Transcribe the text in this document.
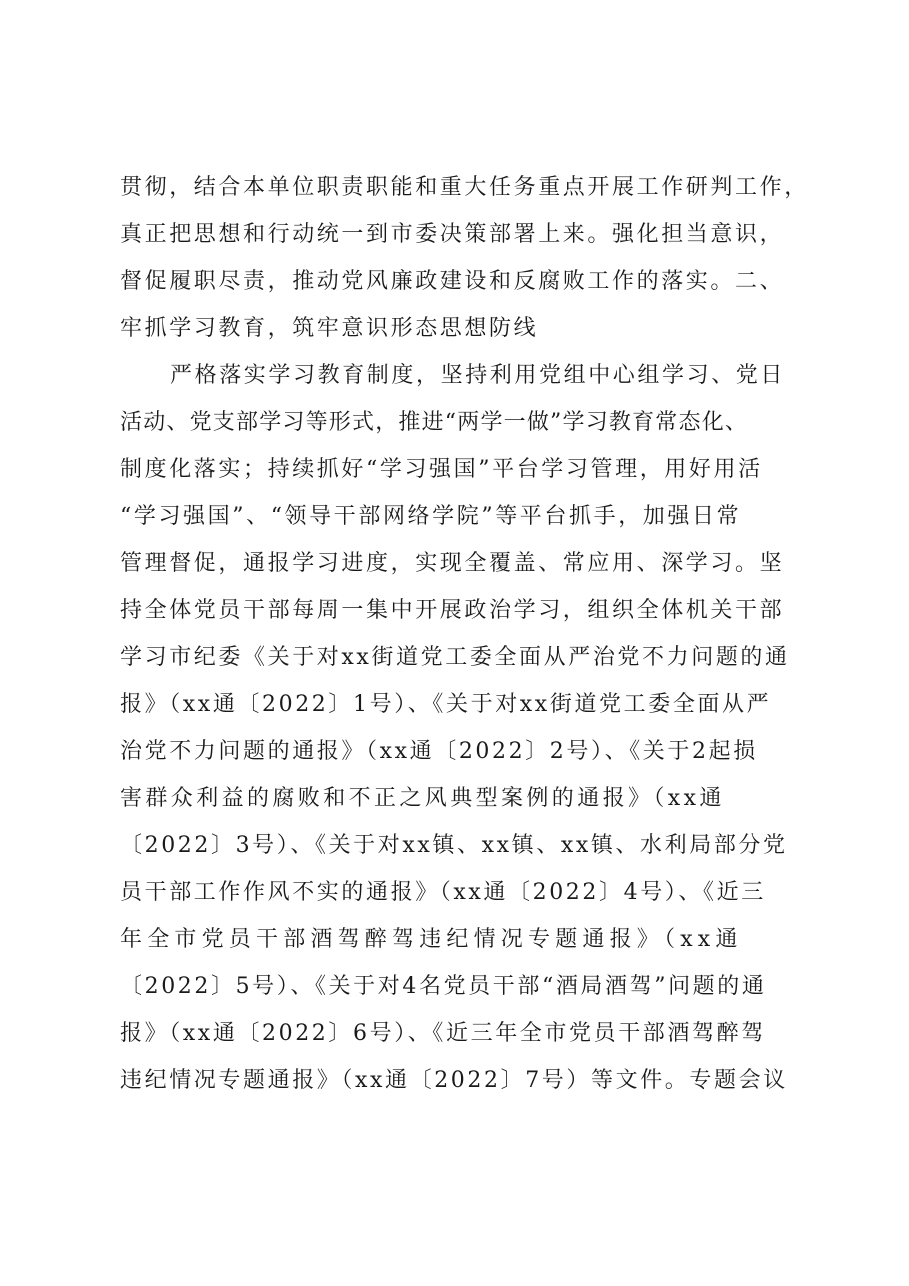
贯彻，结合本单位职责职能和重大任务重点开展工作研判工作，
真正把思想和行动统一到市委决策部署上来。强化担当意识，
督促履职尽责，推动党风廉政建设和反腐败工作的落实。二、
牢抓学习教育，筑牢意识形态思想防线
严格落实学习教育制度，坚持利用党组中心组学习、党日
活动、党支部学习等形式，推进“两学一做”学习教育常态化、
制度化落实；持续抓好“学习强国”平台学习管理，用好用活
“学习强国”、“领导干部网络学院”等平台抓手，加强日常
管理督促，通报学习进度，实现全覆盖、常应用、深学习。坚
持全体党员干部每周一集中开展政治学习，组织全体机关干部
学习市纪委《关于对xx街道党工委全面从严治党不力问题的通
报》（xx通〔2022〕1号）、《关于对xx街道党工委全面从严
治党不力问题的通报》（xx通〔2022〕2号）、《关于2起损
害群众利益的腐败和不正之风典型案例的通报》（xx通
〔2022〕3号）、《关于对xx镇、xx镇、xx镇、水利局部分党
员干部工作作风不实的通报》（xx通〔2022〕4号）、《近三
年全市党员干部酒驾醉驾违纪情况专题通报》（xx通
〔2022〕5号）、《关于对4名党员干部“酒局酒驾”问题的通
报》（xx通〔2022〕6号）、《近三年全市党员干部酒驾醉驾
违纪情况专题通报》（xx通〔2022〕7号）等文件。专题会议
